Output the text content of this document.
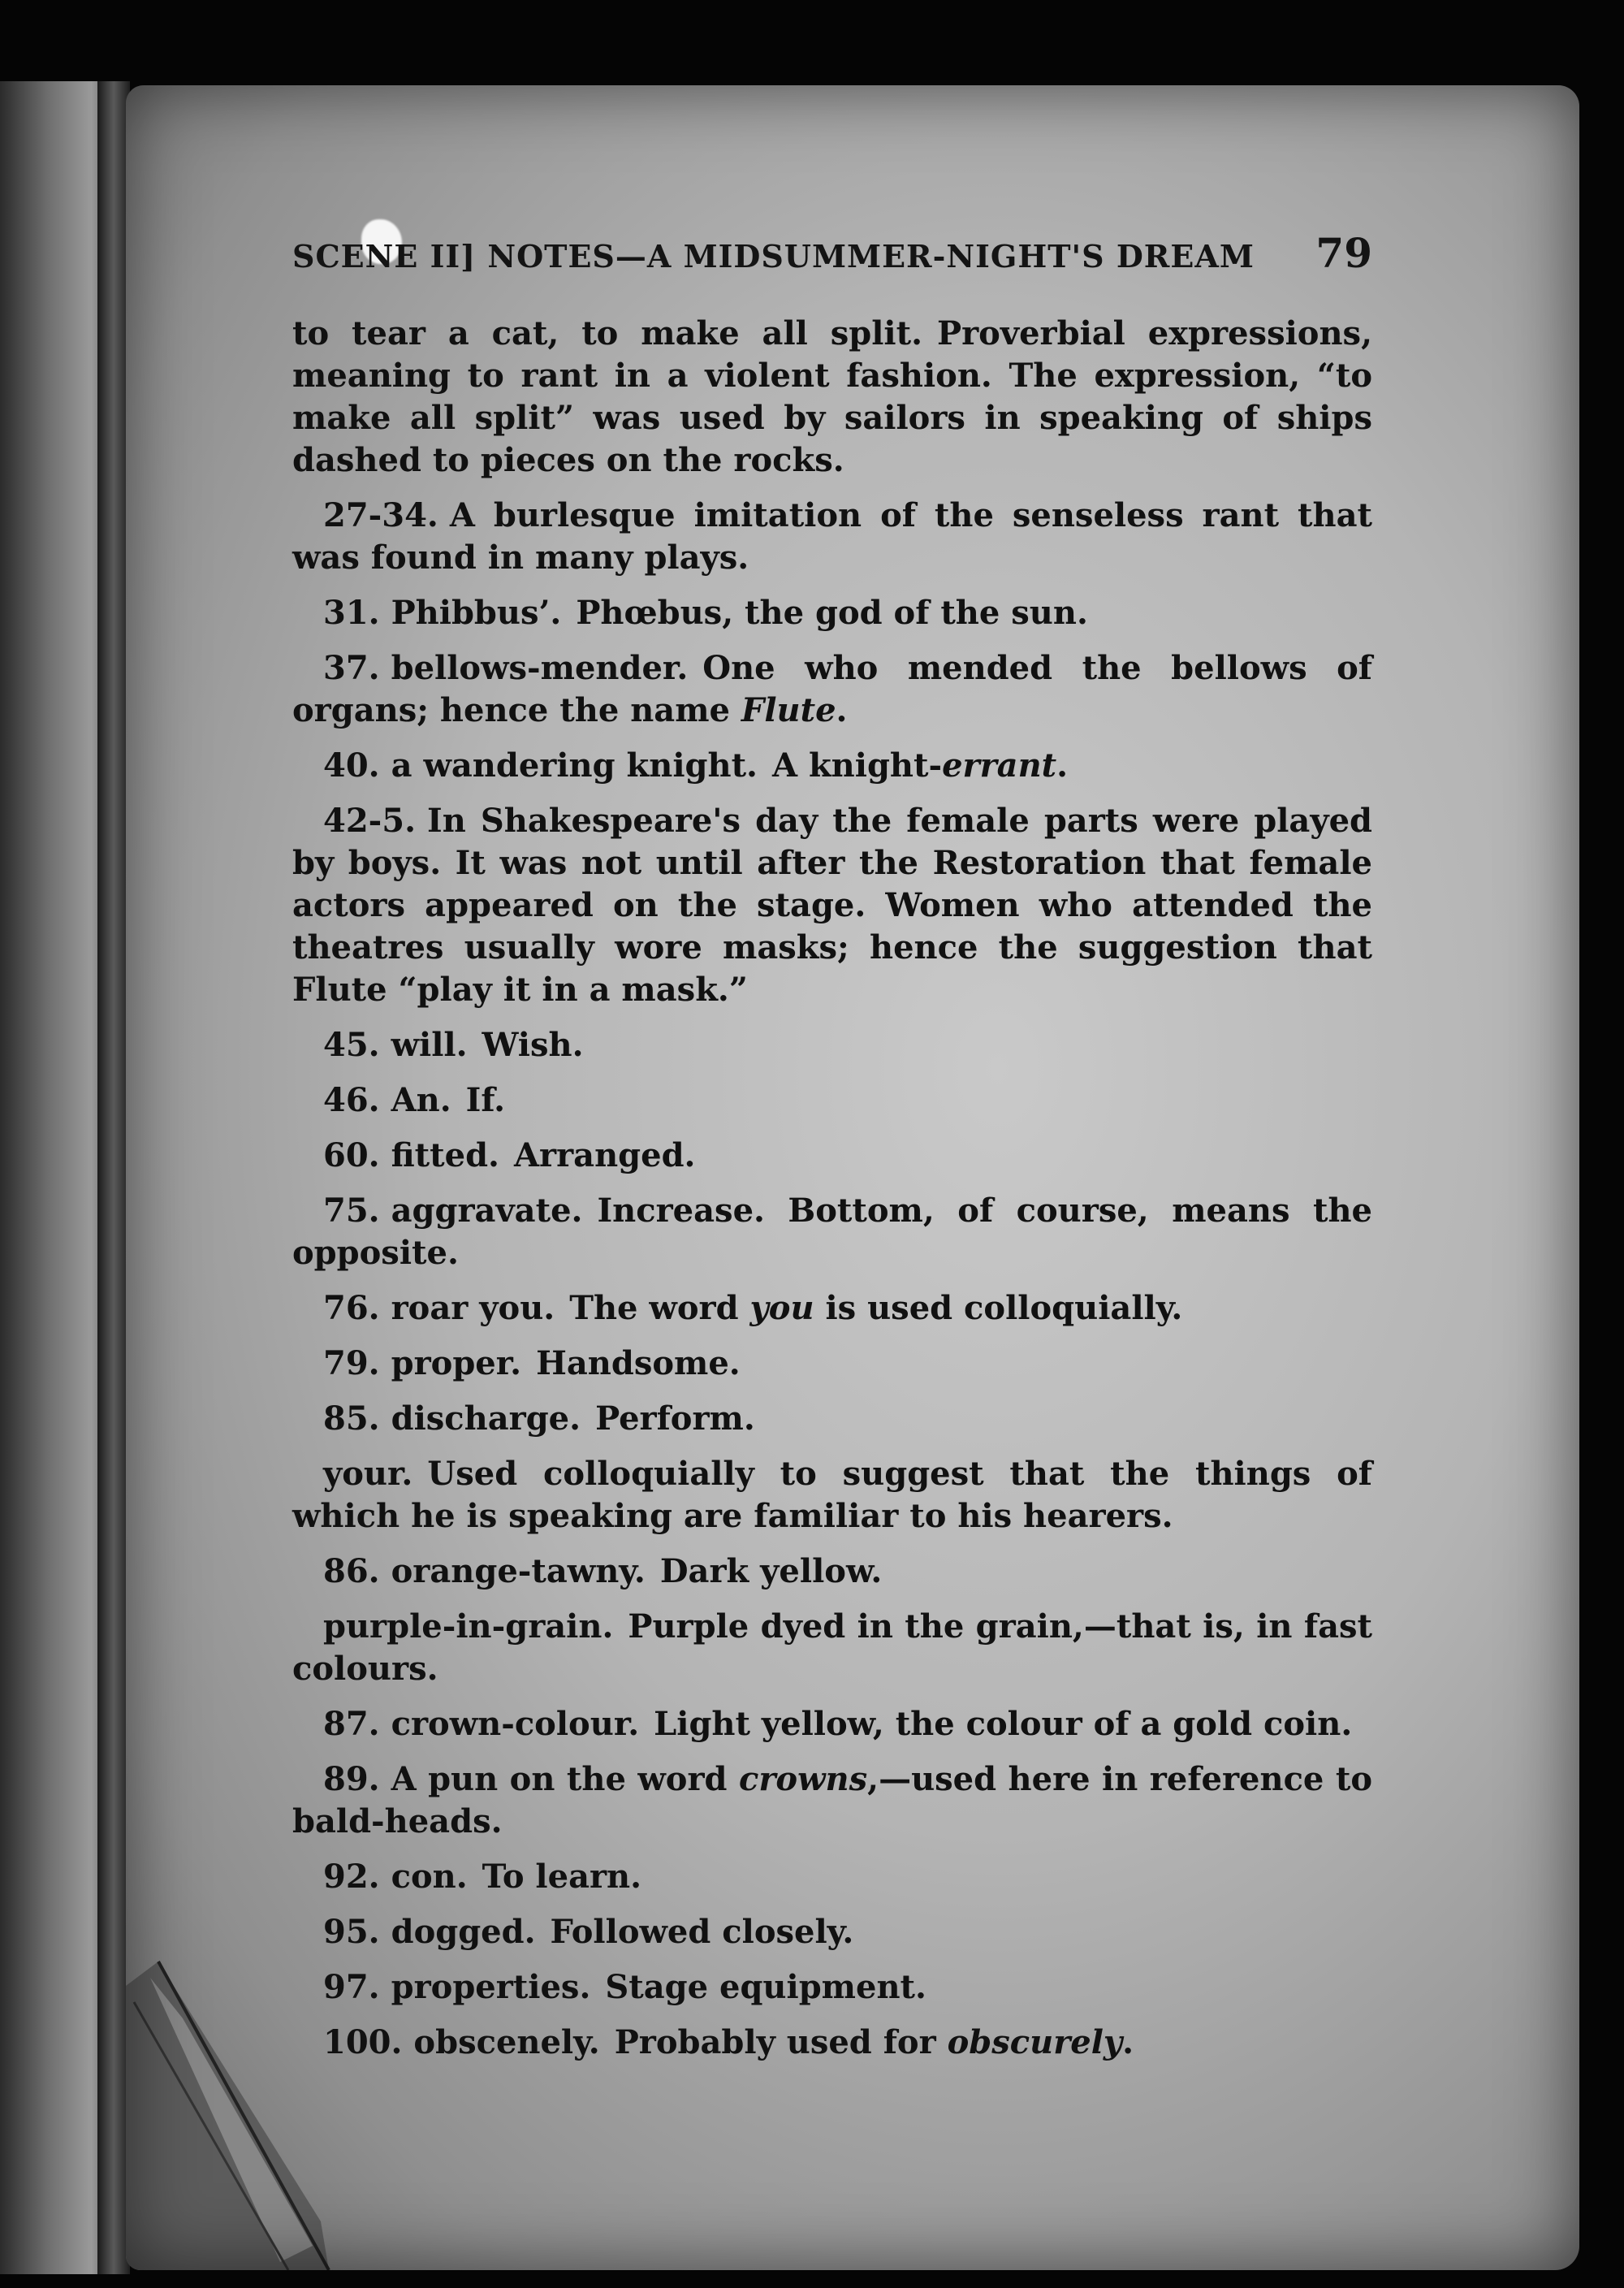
SCENE II] NOTES—A MIDSUMMER-NIGHT'S DREAM 79

to tear a cat, to make all split. Proverbial expressions, meaning to rant in a violent fashion. The expression, “to make all split” was used by sailors in speaking of ships dashed to pieces on the rocks.

27-34. A burlesque imitation of the senseless rant that was found in many plays.

31. Phibbus’. Phœbus, the god of the sun.

37. bellows-mender. One who mended the bellows of organs; hence the name Flute.

40. a wandering knight. A knight-errant.

42-5. In Shakespeare's day the female parts were played by boys. It was not until after the Restoration that female actors appeared on the stage. Women who attended the theatres usually wore masks; hence the suggestion that Flute “play it in a mask.”

45. will. Wish.

46. An. If.

60. fitted. Arranged.

75. aggravate. Increase. Bottom, of course, means the opposite.

76. roar you. The word you is used colloquially.

79. proper. Handsome.

85. discharge. Perform.

your. Used colloquially to suggest that the things of which he is speaking are familiar to his hearers.

86. orange-tawny. Dark yellow.

purple-in-grain. Purple dyed in the grain,—that is, in fast colours.

87. crown-colour. Light yellow, the colour of a gold coin.

89. A pun on the word crowns,—used here in reference to bald-heads.

92. con. To learn.

95. dogged. Followed closely.

97. properties. Stage equipment.

100. obscenely. Probably used for obscurely.
